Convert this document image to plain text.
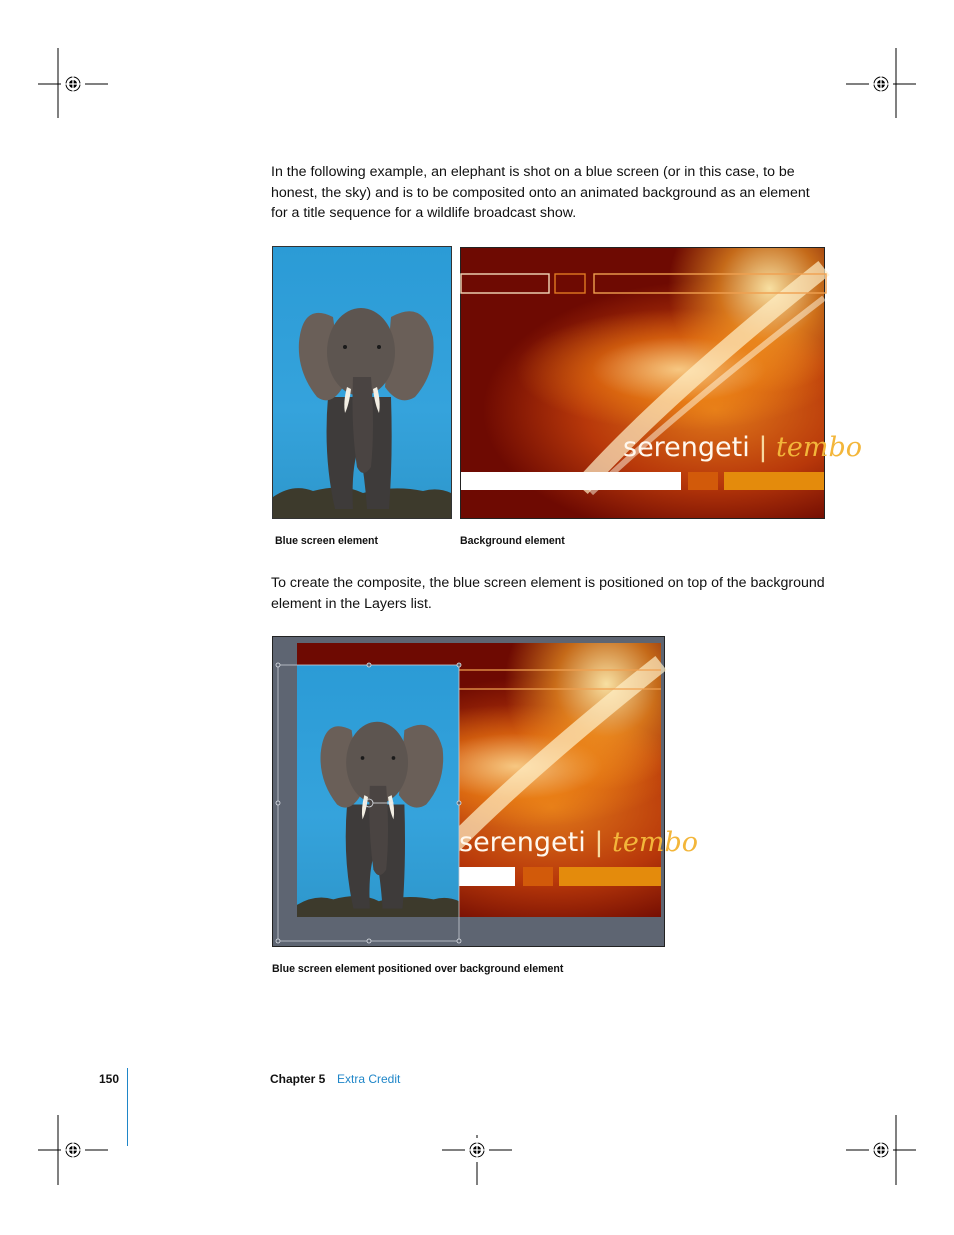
In the following example, an elephant is shot on a blue screen (or in this case, to be honest, the sky) and is to be composited onto an animated background as an element for a title sequence for a wildlife broadcast show.

serengeti | tembo
Blue screen element	Background element

To create the composite, the blue screen element is positioned on top of the background element in the Layers list.

serengeti | tembo
Blue screen element positioned over background element
150	Chapter 5 Extra Credit
